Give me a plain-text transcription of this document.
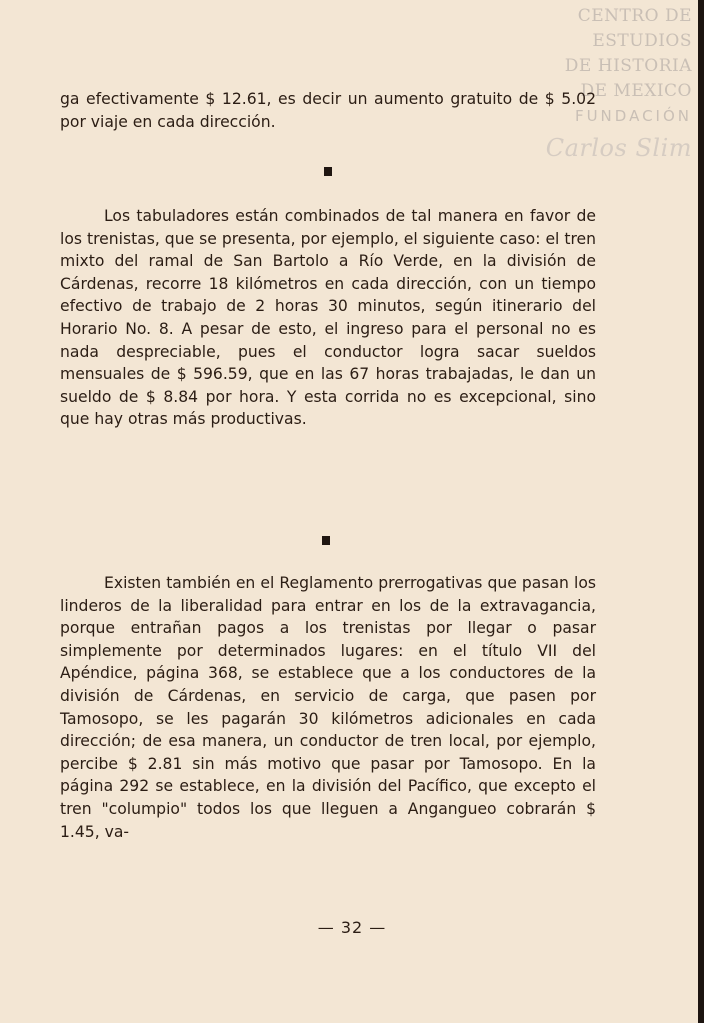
CENTRO DE
ESTUDIOS
DE HISTORIA
DE MEXICO
FUNDACIÓN
Carlos Slim

ga efectivamente $ 12.61, es decir un aumento gratuito de $ 5.02 por viaje en cada dirección.

Los tabuladores están combinados de tal manera en favor de los trenistas, que se presenta, por ejemplo, el siguiente caso: el tren mixto del ramal de San Bartolo a Río Verde, en la división de Cárdenas, recorre 18 kilómetros en cada dirección, con un tiempo efectivo de trabajo de 2 horas 30 minutos, según itinerario del Horario No. 8. A pesar de esto, el ingreso para el personal no es nada despreciable, pues el conductor logra sacar sueldos mensuales de $ 596.59, que en las 67 horas trabajadas, le dan un sueldo de $ 8.84 por hora. Y esta corrida no es excepcional, sino que hay otras más productivas.

Existen también en el Reglamento prerrogativas que pasan los linderos de la liberalidad para entrar en los de la extravagancia, porque entrañan pagos a los trenistas por llegar o pasar simplemente por determinados lugares: en el título VII del Apéndice, página 368, se establece que a los conductores de la división de Cárdenas, en servicio de carga, que pasen por Tamosopo, se les pagarán 30 kilómetros adicionales en cada dirección; de esa manera, un conductor de tren local, por ejemplo, percibe $ 2.81 sin más motivo que pasar por Tamosopo. En la página 292 se establece, en la división del Pacífico, que excepto el tren "columpio" todos los que lleguen a Angangueo cobrarán $ 1.45, va-

— 32 —
